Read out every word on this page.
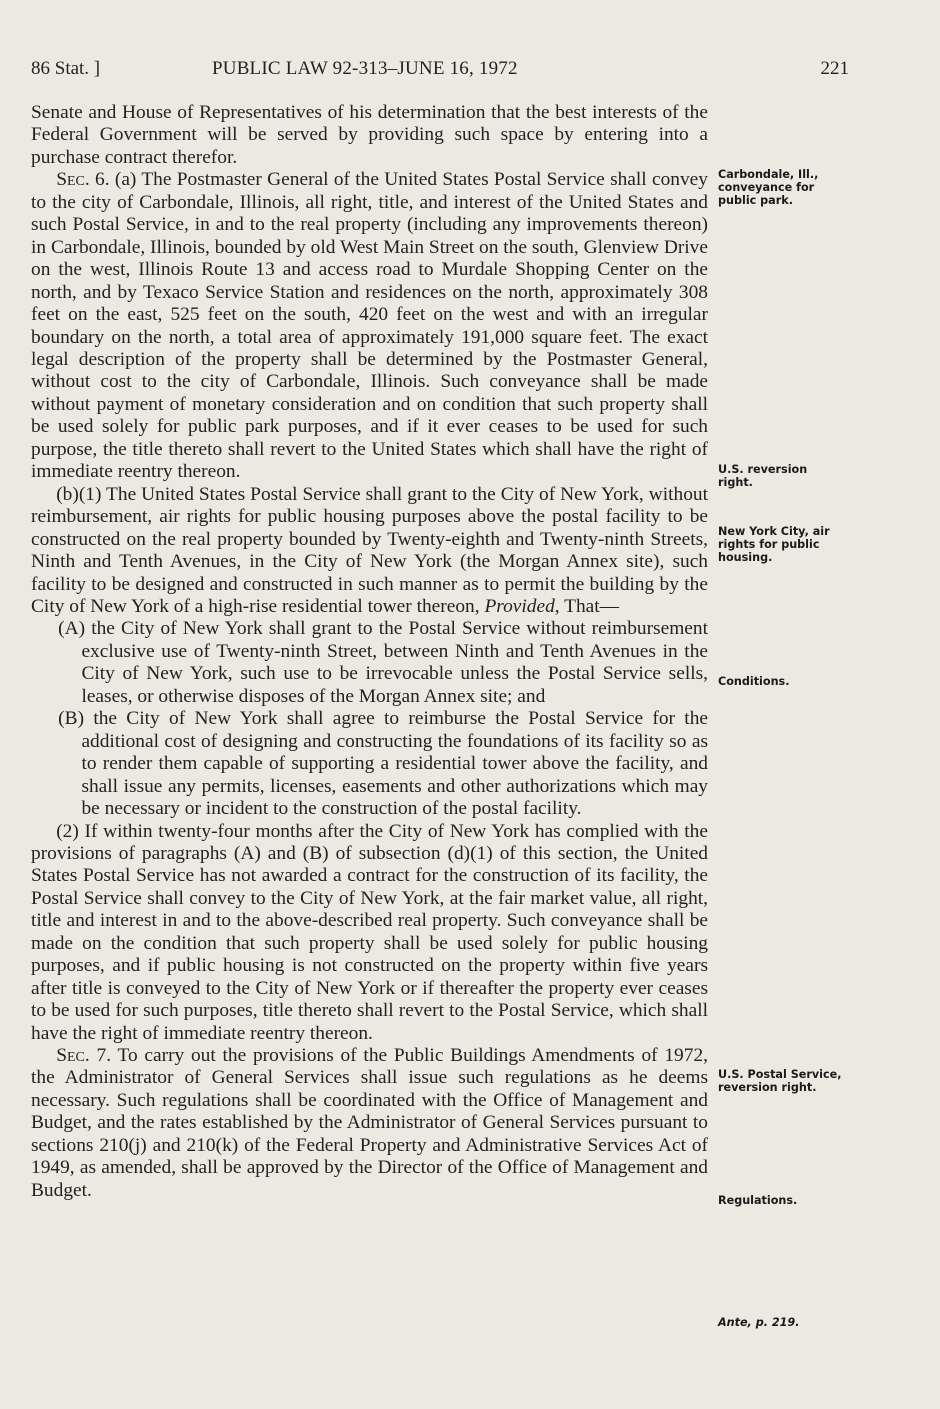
86 Stat. ]	PUBLIC LAW 92-313–JUNE 16, 1972	221

Senate and House of Representatives of his determination that the best interests of the Federal Government will be served by providing such space by entering into a purchase contract therefor.

Sec. 6. (a) The Postmaster General of the United States Postal Service shall convey to the city of Carbondale, Illinois, all right, title, and interest of the United States and such Postal Service, in and to the real property (including any improvements thereon) in Carbondale, Illinois, bounded by old West Main Street on the south, Glenview Drive on the west, Illinois Route 13 and access road to Murdale Shopping Center on the north, and by Texaco Service Station and residences on the north, approximately 308 feet on the east, 525 feet on the south, 420 feet on the west and with an irregular boundary on the north, a total area of approximately 191,000 square feet. The exact legal description of the property shall be determined by the Postmaster General, without cost to the city of Carbondale, Illinois. Such conveyance shall be made without payment of monetary consideration and on condition that such property shall be used solely for public park purposes, and if it ever ceases to be used for such purpose, the title thereto shall revert to the United States which shall have the right of immediate reentry thereon.

(b)(1) The United States Postal Service shall grant to the City of New York, without reimbursement, air rights for public housing purposes above the postal facility to be constructed on the real property bounded by Twenty-eighth and Twenty-ninth Streets, Ninth and Tenth Avenues, in the City of New York (the Morgan Annex site), such facility to be designed and constructed in such manner as to permit the building by the City of New York of a high-rise residential tower thereon, Provided, That—

(A) the City of New York shall grant to the Postal Service without reimbursement exclusive use of Twenty-ninth Street, between Ninth and Tenth Avenues in the City of New York, such use to be irrevocable unless the Postal Service sells, leases, or otherwise disposes of the Morgan Annex site; and

(B) the City of New York shall agree to reimburse the Postal Service for the additional cost of designing and constructing the foundations of its facility so as to render them capable of supporting a residential tower above the facility, and shall issue any permits, licenses, easements and other authorizations which may be necessary or incident to the construction of the postal facility.

(2) If within twenty-four months after the City of New York has complied with the provisions of paragraphs (A) and (B) of subsection (d)(1) of this section, the United States Postal Service has not awarded a contract for the construction of its facility, the Postal Service shall convey to the City of New York, at the fair market value, all right, title and interest in and to the above-described real property. Such conveyance shall be made on the condition that such property shall be used solely for public housing purposes, and if public housing is not constructed on the property within five years after title is conveyed to the City of New York or if thereafter the property ever ceases to be used for such purposes, title thereto shall revert to the Postal Service, which shall have the right of immediate reentry thereon.

Sec. 7. To carry out the provisions of the Public Buildings Amendments of 1972, the Administrator of General Services shall issue such regulations as he deems necessary. Such regulations shall be coordinated with the Office of Management and Budget, and the rates established by the Administrator of General Services pursuant to sections 210(j) and 210(k) of the Federal Property and Administrative Services Act of 1949, as amended, shall be approved by the Director of the Office of Management and Budget.

Carbondale, Ill., conveyance for public park.
U.S. reversion right.
New York City, air rights for public housing.
Conditions.
U.S. Postal Service, reversion right.
Regulations.
Ante, p. 219.
